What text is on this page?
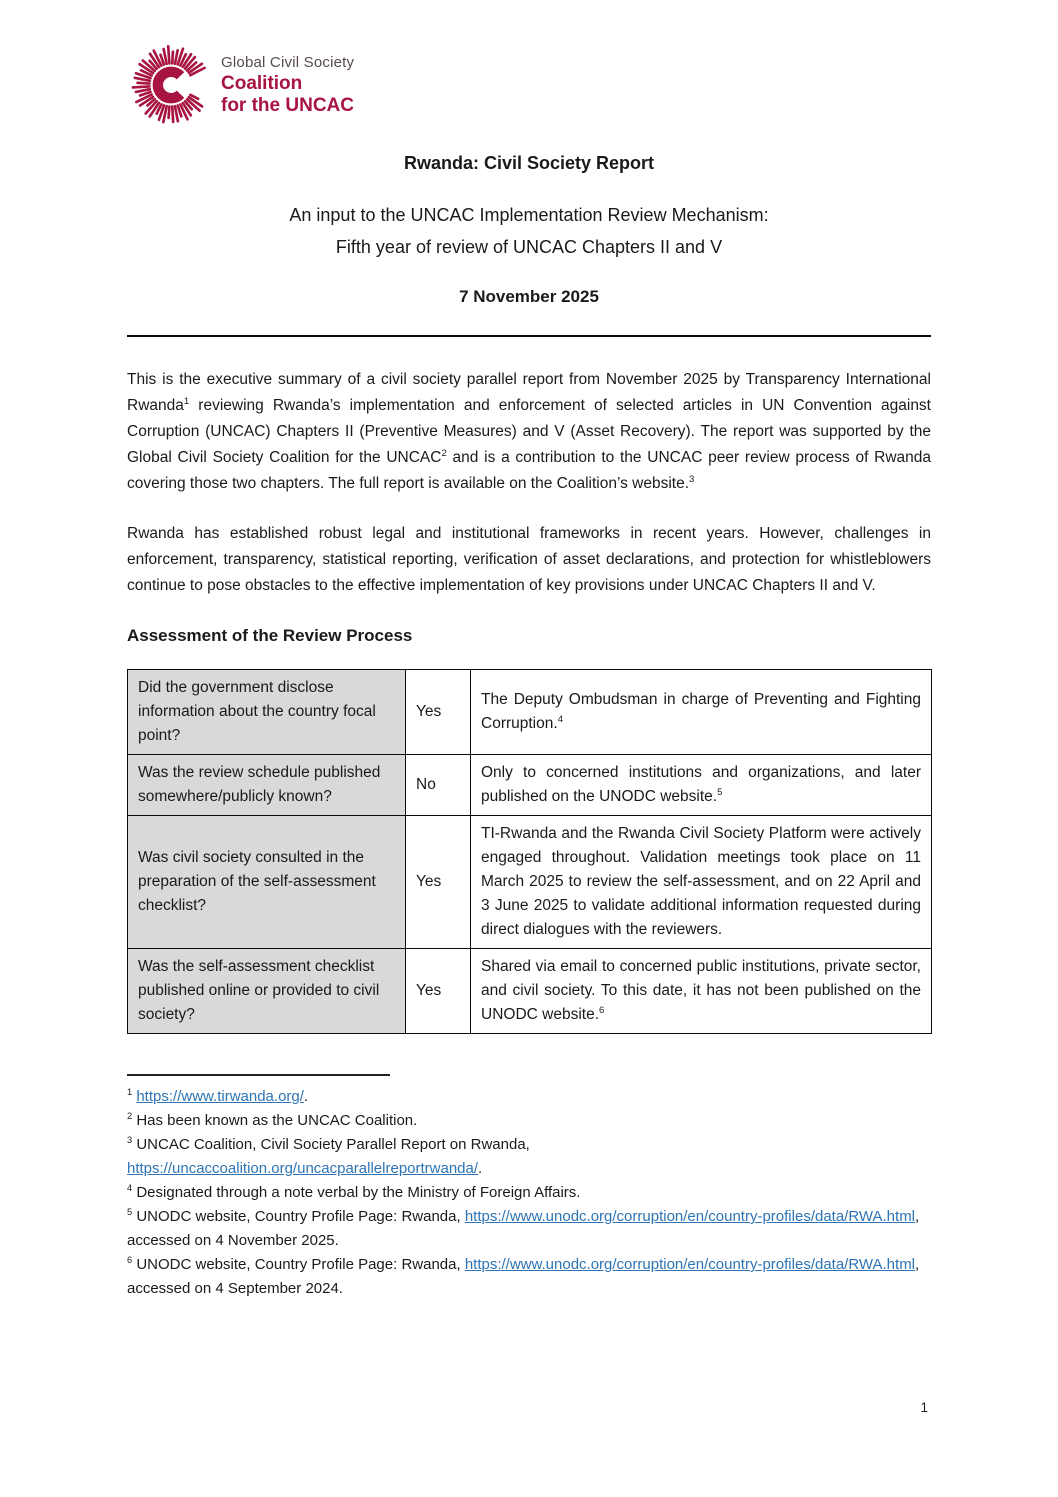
Global Civil Society
Coalition
for the UNCAC
Rwanda: Civil Society Report
An input to the UNCAC Implementation Review Mechanism:
Fifth year of review of UNCAC Chapters II and V
7 November 2025

This is the executive summary of a civil society parallel report from November 2025 by Transparency International Rwanda$^1$ reviewing Rwanda’s implementation and enforcement of selected articles in UN Convention against Corruption (UNCAC) Chapters II (Preventive Measures) and V (Asset Recovery). The report was supported by the Global Civil Society Coalition for the UNCAC$^2$ and is a contribution to the UNCAC peer review process of Rwanda covering those two chapters. The full report is available on the Coalition’s website.$^3$

Rwanda has established robust legal and institutional frameworks in recent years. However, challenges in enforcement, transparency, statistical reporting, verification of asset declarations, and protection for whistleblowers continue to pose obstacles to the effective implementation of key provisions under UNCAC Chapters II and V.

Assessment of the Review Process
Did the government disclose information about the country focal point?	Yes	The Deputy Ombudsman in charge of Preventing and Fighting Corruption.$^4$
Was the review schedule published somewhere/publicly known?	No	Only to concerned institutions and organizations, and later published on the UNODC website.$^5$
Was civil society consulted in the preparation of the self-assessment checklist?	Yes	TI-Rwanda and the Rwanda Civil Society Platform were actively engaged throughout. Validation meetings took place on 11 March 2025 to review the self-assessment, and on 22 April and 3 June 2025 to validate additional information requested during direct dialogues with the reviewers.
Was the self-assessment checklist published online or provided to civil society?	Yes	Shared via email to concerned public institutions, private sector, and civil society. To this date, it has not been published on the UNODC website.$^6$
$^1$ https://www.tirwanda.org/.
$^2$ Has been known as the UNCAC Coalition.
$^3$ UNCAC Coalition, Civil Society Parallel Report on Rwanda,
https://uncaccoalition.org/uncacparallelreportrwanda/.
$^4$ Designated through a note verbal by the Ministry of Foreign Affairs.
$^5$ UNODC website, Country Profile Page: Rwanda, https://www.unodc.org/corruption/en/country-profiles/data/RWA.html, accessed on 4 November 2025.
$^6$ UNODC website, Country Profile Page: Rwanda, https://www.unodc.org/corruption/en/country-profiles/data/RWA.html, accessed on 4 September 2024.
1
